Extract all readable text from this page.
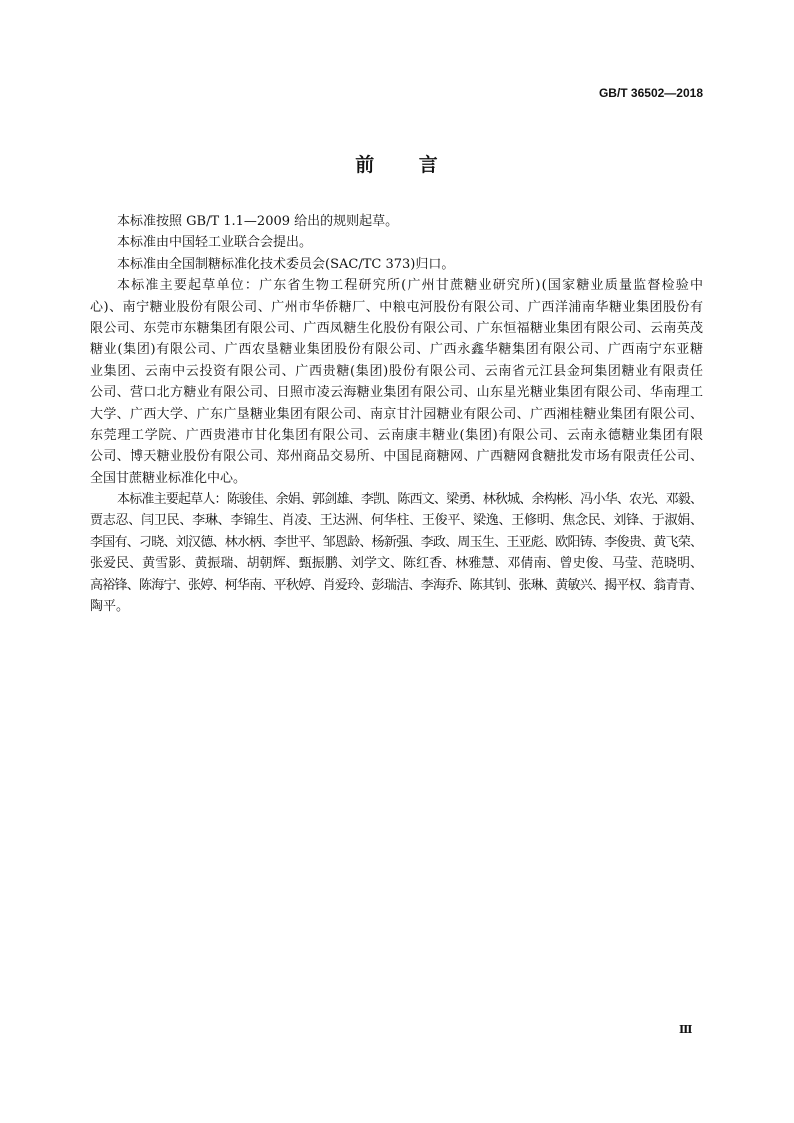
GB/T 36502—2018
前 言
本标准按照 GB/T 1.1—2009 给出的规则起草。
本标准由中国轻工业联合会提出。
本标准由全国制糖标准化技术委员会(SAC/TC 373)归口。
本标准主要起草单位：广东省生物工程研究所(广州甘蔗糖业研究所)(国家糖业质量监督检验中
心)、南宁糖业股份有限公司、广州市华侨糖厂、中粮屯河股份有限公司、广西洋浦南华糖业集团股份有
限公司、东莞市东糖集团有限公司、广西凤糖生化股份有限公司、广东恒福糖业集团有限公司、云南英茂
糖业(集团)有限公司、广西农垦糖业集团股份有限公司、广西永鑫华糖集团有限公司、广西南宁东亚糖
业集团、云南中云投资有限公司、广西贵糖(集团)股份有限公司、云南省元江县金珂集团糖业有限责任
公司、营口北方糖业有限公司、日照市凌云海糖业集团有限公司、山东星光糖业集团有限公司、华南理工
大学、广西大学、广东广垦糖业集团有限公司、南京甘汁园糖业有限公司、广西湘桂糖业集团有限公司、
东莞理工学院、广西贵港市甘化集团有限公司、云南康丰糖业(集团)有限公司、云南永德糖业集团有限
公司、博天糖业股份有限公司、郑州商品交易所、中国昆商糖网、广西糖网食糖批发市场有限责任公司、
全国甘蔗糖业标准化中心。
本标准主要起草人：陈骏佳、余娟、郭剑雄、李凯、陈西文、梁勇、林秋城、余构彬、冯小华、农光、邓毅、
贾志忍、闫卫民、李琳、李锦生、肖凌、王达洲、何华柱、王俊平、梁逸、王修明、焦念民、刘锋、于淑娟、
李国有、刁晓、刘汉德、林水柄、李世平、邹恩龄、杨新强、李政、周玉生、王亚彪、欧阳铸、李俊贵、黄飞荣、
张爱民、黄雪影、黄振瑞、胡朝辉、甄振鹏、刘学文、陈红香、林雅慧、邓倩南、曾史俊、马莹、范晓明、
高裕锋、陈海宁、张婷、柯华南、平秋婷、肖爱玲、彭瑞洁、李海乔、陈其钊、张琳、黄敏兴、揭平权、翁青青、
陶平。
Ⅲ
